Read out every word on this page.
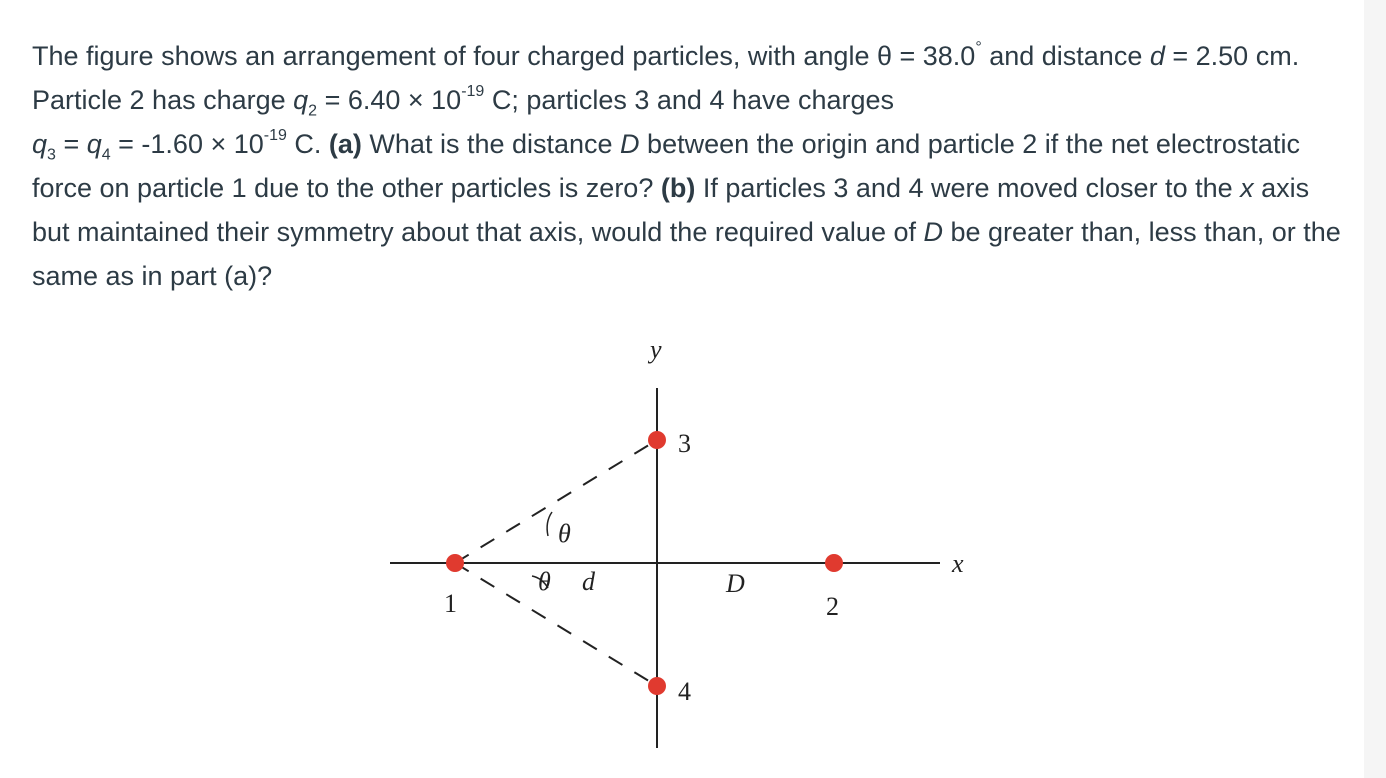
The figure shows an arrangement of four charged particles, with angle θ = 38.0° and distance d = 2.50 cm. Particle 2 has charge $q_2 = 6.40 \times 10^{-19}$ C; particles 3 and 4 have charges
$q_3 = q_4 = -1.60 \times 10^{-19}$ C. (a) What is the distance D between the origin and particle 2 if the net electrostatic force on particle 1 due to the other particles is zero? (b) If particles 3 and 4 were moved closer to the x axis but maintained their symmetry about that axis, would the required value of D be greater than, less than, or the same as in part (a)?

y
x
1	2
3
4
θ
θ d	D
